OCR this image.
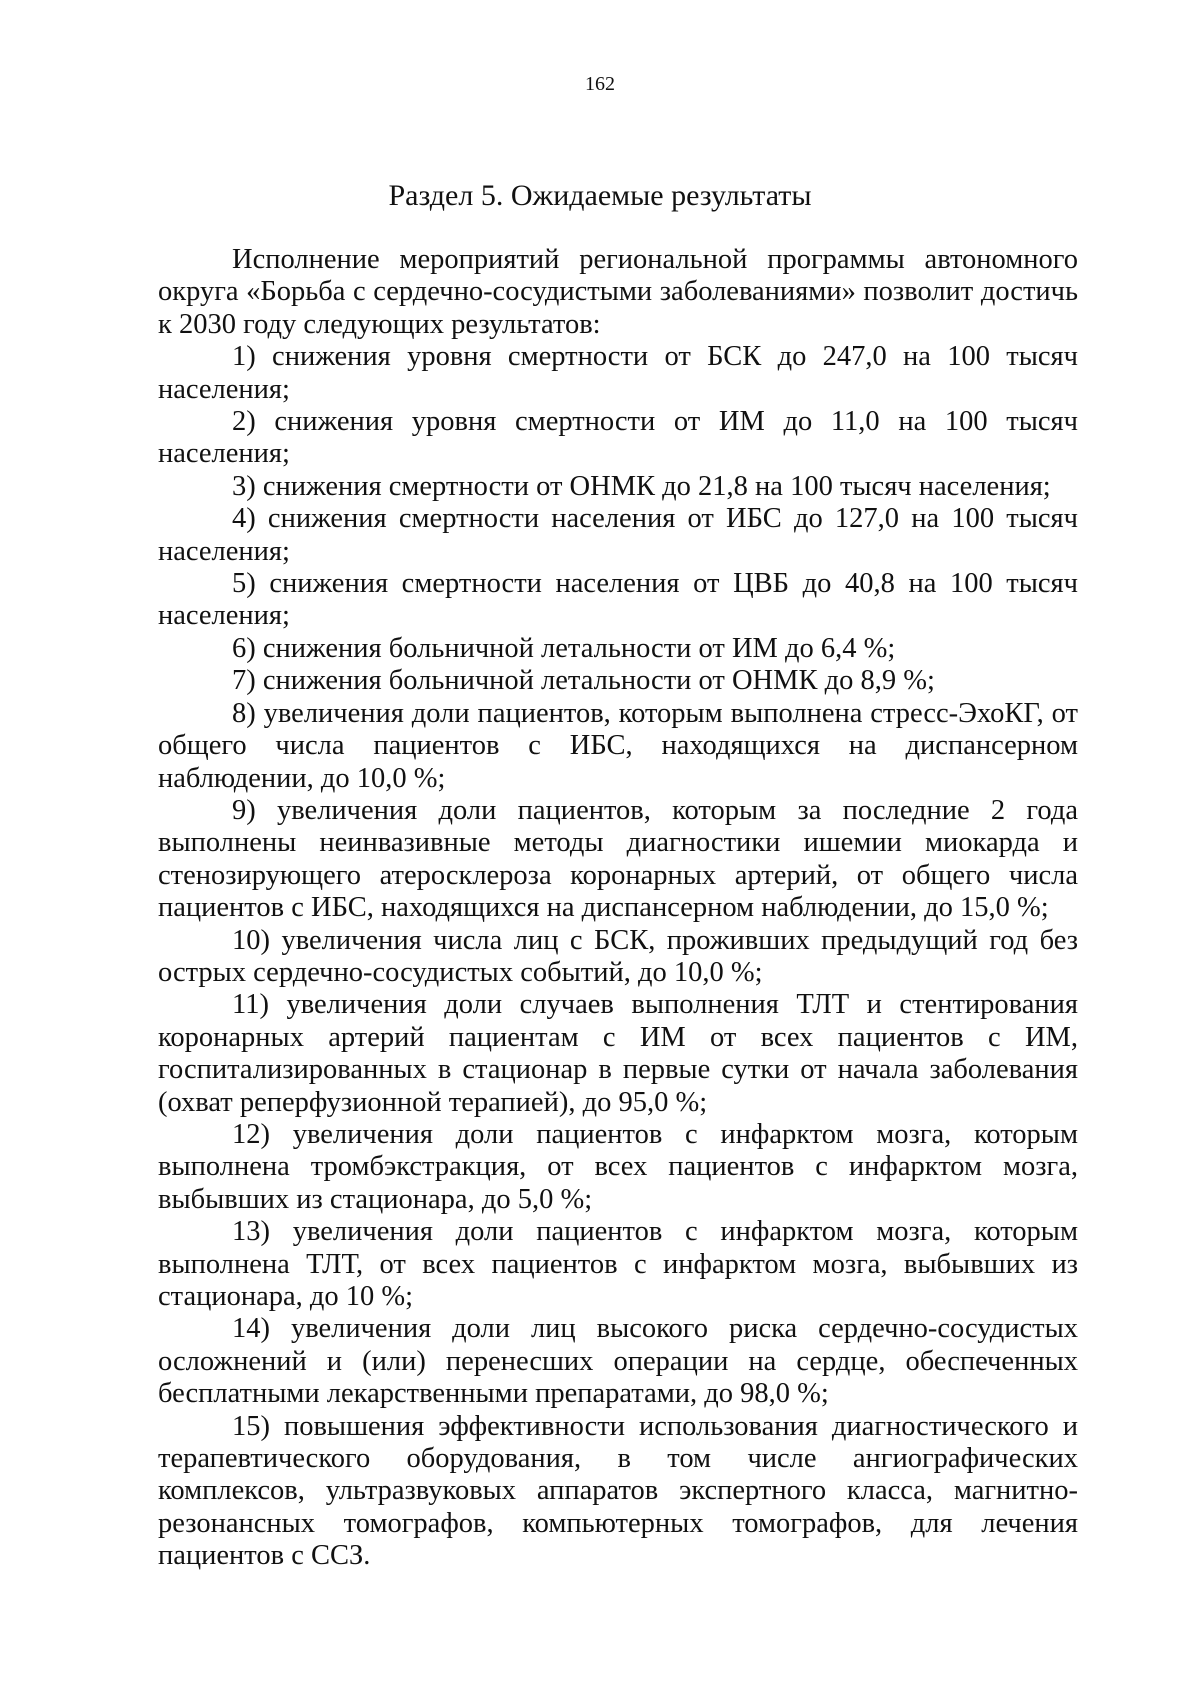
162

Раздел 5. Ожидаемые результаты

Исполнение мероприятий региональной программы автономного округа «Борьба с сердечно-сосудистыми заболеваниями» позволит достичь к 2030 году следующих результатов:

1) снижения уровня смертности от БСК до 247,0 на 100 тысяч населения;

2) снижения уровня смертности от ИМ до 11,0 на 100 тысяч населения;

3) снижения смертности от ОНМК до 21,8 на 100 тысяч населения;

4) снижения смертности населения от ИБС до 127,0 на 100 тысяч населения;

5) снижения смертности населения от ЦВБ до 40,8 на 100 тысяч населения;

6) снижения больничной летальности от ИМ до 6,4 %;

7) снижения больничной летальности от ОНМК до 8,9 %;

8) увеличения доли пациентов, которым выполнена стресс-ЭхоКГ, от общего числа пациентов с ИБС, находящихся на диспансерном наблюдении, до 10,0 %;

9) увеличения доли пациентов, которым за последние 2 года выполнены неинвазивные методы диагностики ишемии миокарда и стенозирующего атеросклероза коронарных артерий, от общего числа пациентов с ИБС, находящихся на диспансерном наблюдении, до 15,0 %;

10) увеличения числа лиц с БСК, проживших предыдущий год без острых сердечно-сосудистых событий, до 10,0 %;

11) увеличения доли случаев выполнения ТЛТ и стентирования коронарных артерий пациентам с ИМ от всех пациентов с ИМ, госпитализированных в стационар в первые сутки от начала заболевания (охват реперфузионной терапией), до 95,0 %;

12) увеличения доли пациентов с инфарктом мозга, которым выполнена тромбэкстракция, от всех пациентов с инфарктом мозга, выбывших из стационара, до 5,0 %;

13) увеличения доли пациентов с инфарктом мозга, которым выполнена ТЛТ, от всех пациентов с инфарктом мозга, выбывших из стационара, до 10 %;

14) увеличения доли лиц высокого риска сердечно-сосудистых осложнений и (или) перенесших операции на сердце, обеспеченных бесплатными лекарственными препаратами, до 98,0 %;

15) повышения эффективности использования диагностического и терапевтического оборудования, в том числе ангиографических комплексов, ультразвуковых аппаратов экспертного класса, магнитно-резонансных томографов, компьютерных томографов, для лечения пациентов с ССЗ.
